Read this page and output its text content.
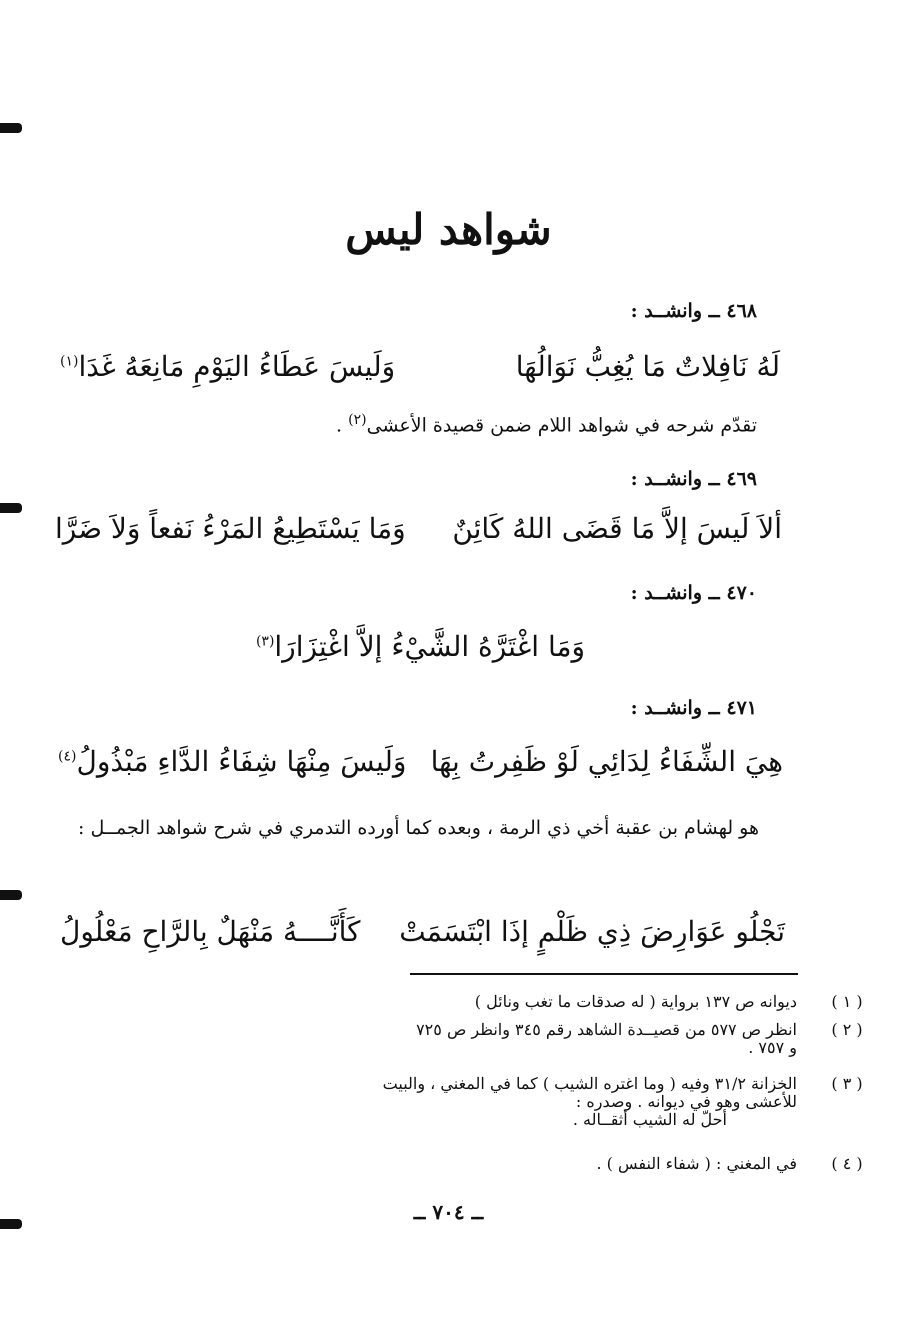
شواهد ليس
٤٦٨ ــ وانشــد :
لَهُ نَافِلاتٌ مَا يُغِبُّ نَوَالُهَا
وَلَيسَ عَطَاءُ اليَوْمِ مَانِعَهُ غَدَا$^{(١)}$
تقدّم شرحه في شواهد اللام ضمن قصيدة الأعشى$^{(٢)}$ .
٤٦٩ ــ وانشــد :
ألاَ لَيسَ إلاَّ مَا قَضَى اللهُ كَائِنٌ
وَمَا يَسْتَطِيعُ المَرْءُ نَفعاً وَلاَ ضَرَّا
٤٧٠ ــ وانشــد :
وَمَا اغْتَرَّهُ الشَّيْءُ إلاَّ اغْتِزَارَا$^{(٣)}$
٤٧١ ــ وانشــد :
هِيَ الشِّفَاءُ لِدَائِي لَوْ ظَفِرتُ بِهَا
وَلَيسَ مِنْهَا شِفَاءُ الدَّاءِ مَبْذُولُ$^{(٤)}$
هو لهشام بن عقبة أخي ذي الرمة ، وبعده كما أورده التدمري في شرح شواهد الجمــل :
تَجْلُو عَوَارِضَ ذِي ظَلْمٍ إذَا ابْتَسَمَتْ
كَأَنَّــــهُ مَنْهَلٌ بِالرَّاحِ مَعْلُولُ
( ١ )
ديوانه ص ١٣٧ برواية ( له صدقات ما تغب ونائل )
( ٢ )
انظر ص ٥٧٧ من قصيــدة الشاهد رقم ٣٤٥ وانظر ص ٧٢٥
و ٧٥٧ .
( ٣ )
الخزانة ٣١/٢ وفيه ( وما اغتره الشيب ) كما في المغني ، والبيت
للأعشى وهو في ديوانه . وصدره :
أحلّ له الشيب أثقــاله .
( ٤ )
في المغني : ( شفاء النفس ) .
ــ ٧٠٤ ــ
